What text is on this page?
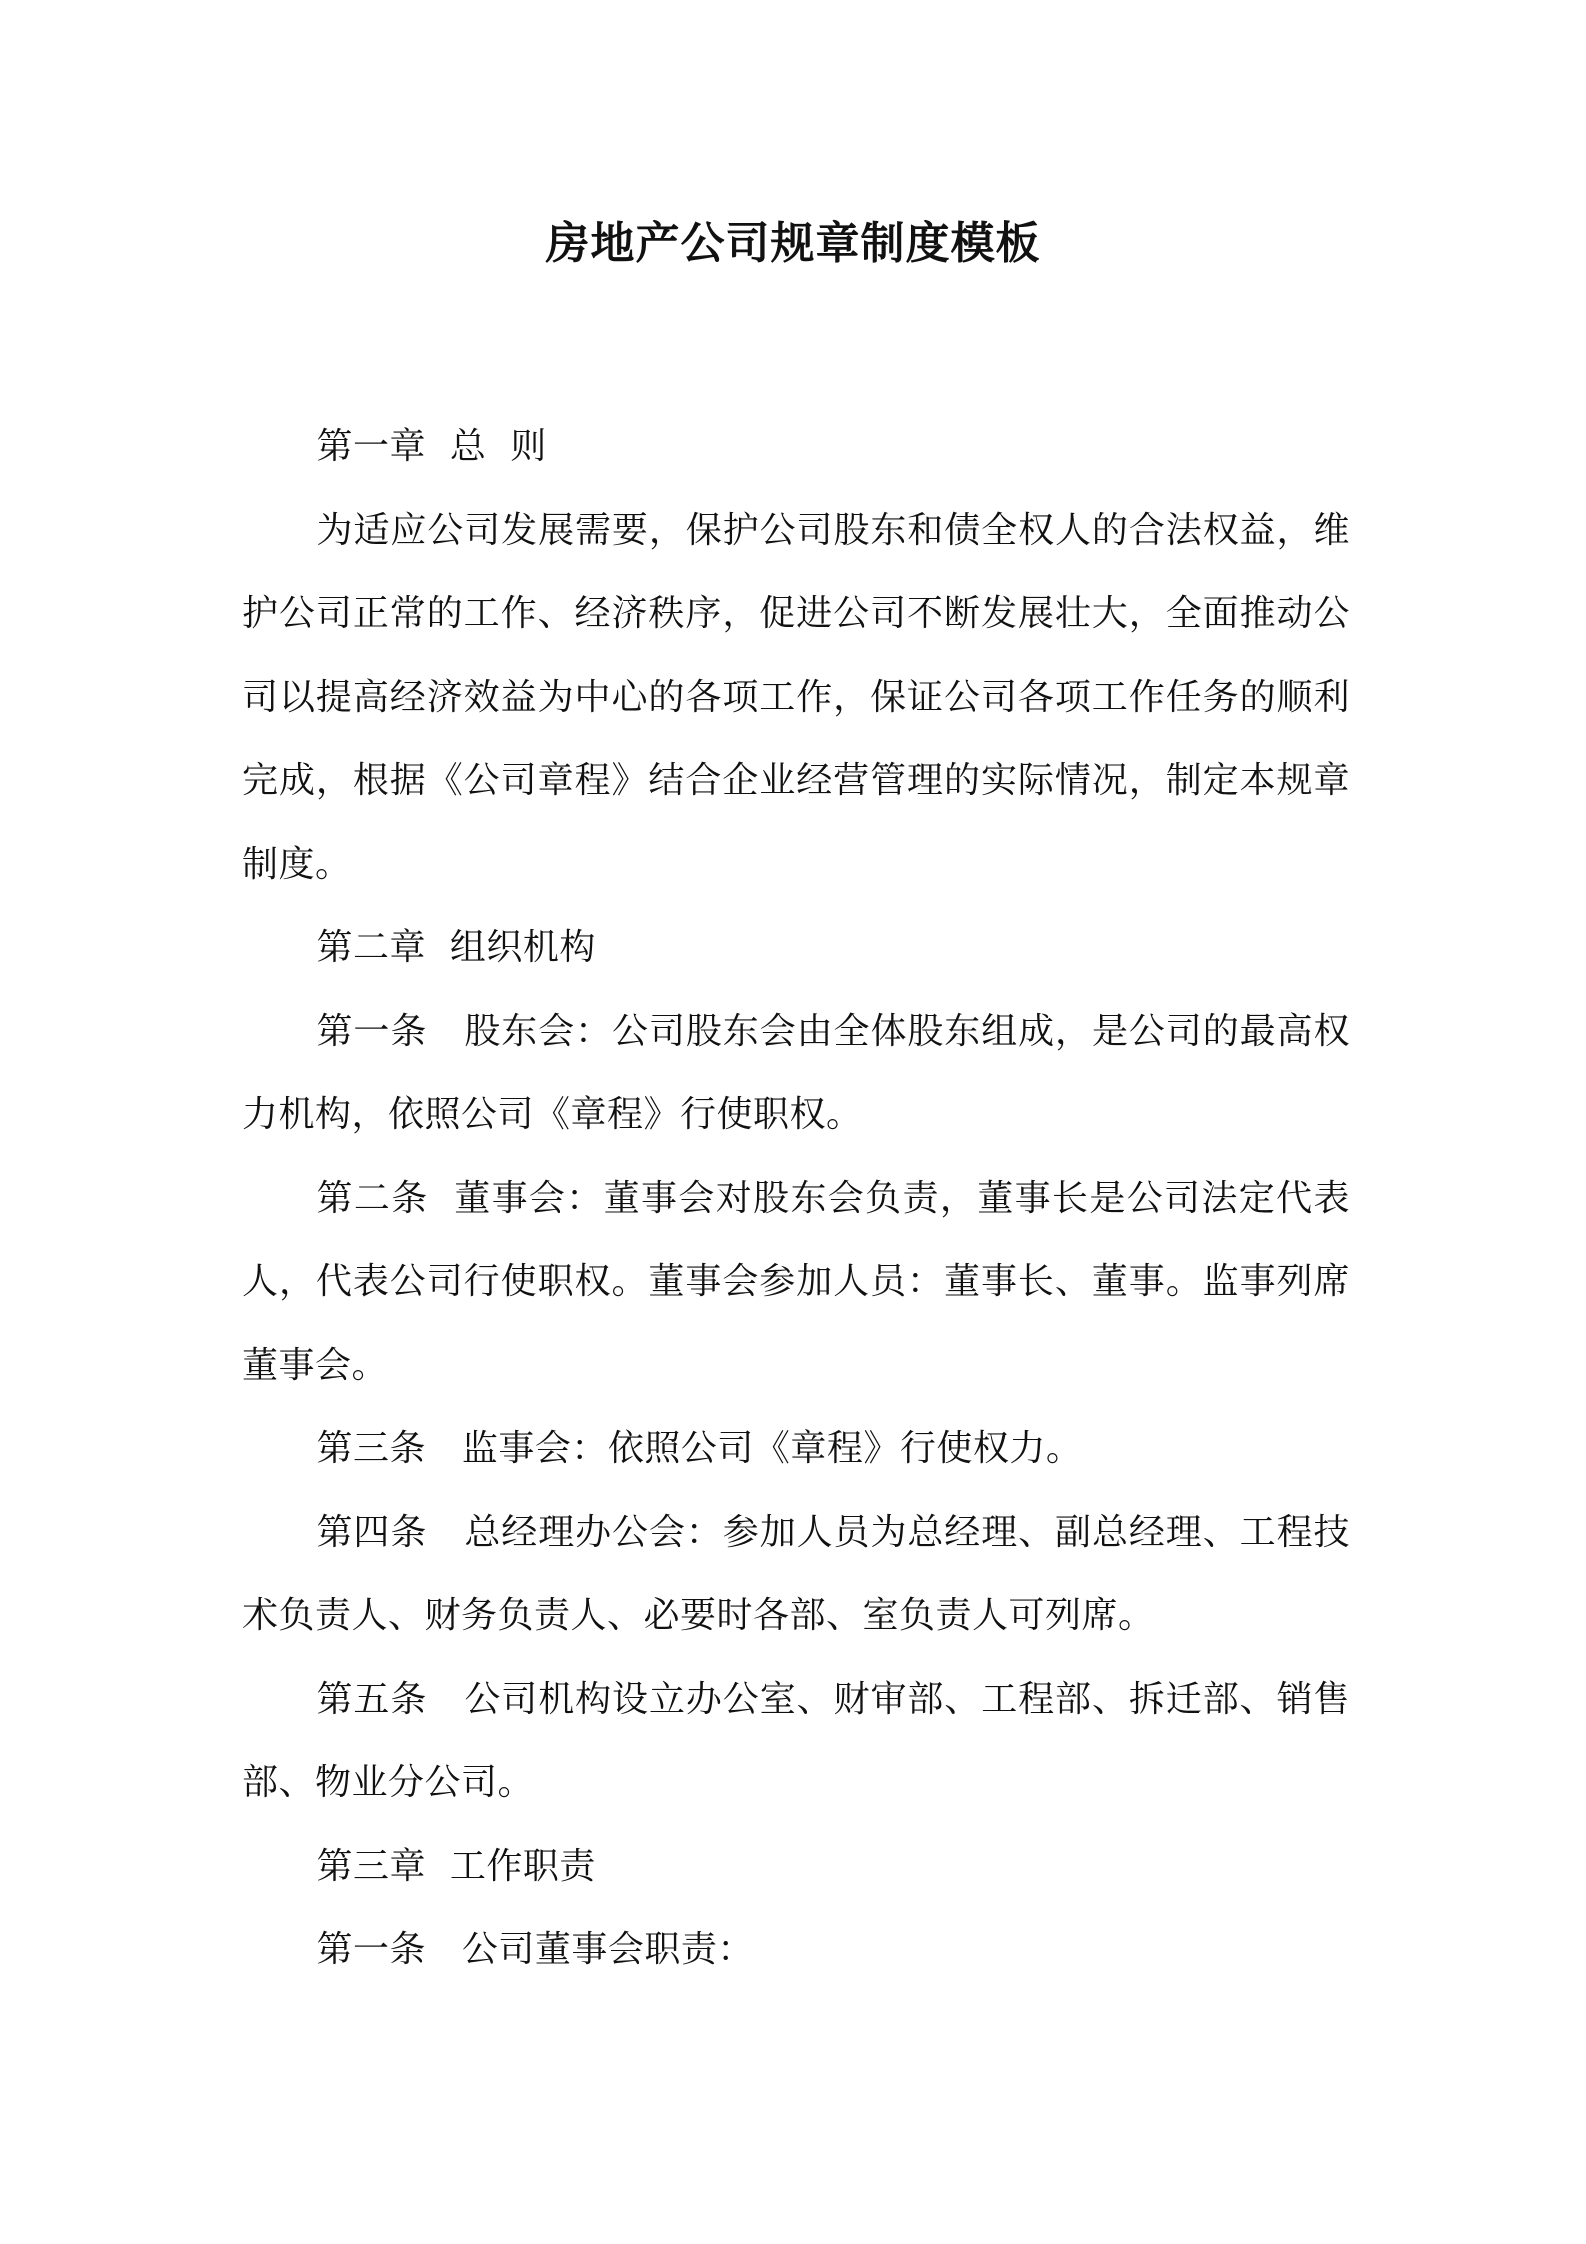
房地产公司规章制度模板

第一章  总  则

为适应公司发展需要，保护公司股东和债全权人的合法权益，维护公司正常的工作、经济秩序，促进公司不断发展壮大，全面推动公司以提高经济效益为中心的各项工作，保证公司各项工作任务的顺利完成，根据《公司章程》结合企业经营管理的实际情况，制定本规章制度。

第二章  组织机构

第一条   股东会：公司股东会由全体股东组成，是公司的最高权力机构，依照公司《章程》行使职权。

第二条  董事会：董事会对股东会负责，董事长是公司法定代表人，代表公司行使职权。董事会参加人员：董事长、董事。监事列席董事会。

第三条   监事会：依照公司《章程》行使权力。

第四条   总经理办公会：参加人员为总经理、副总经理、工程技术负责人、财务负责人、必要时各部、室负责人可列席。

第五条   公司机构设立办公室、财审部、工程部、拆迁部、销售部、物业分公司。

第三章  工作职责

第一条   公司董事会职责：
